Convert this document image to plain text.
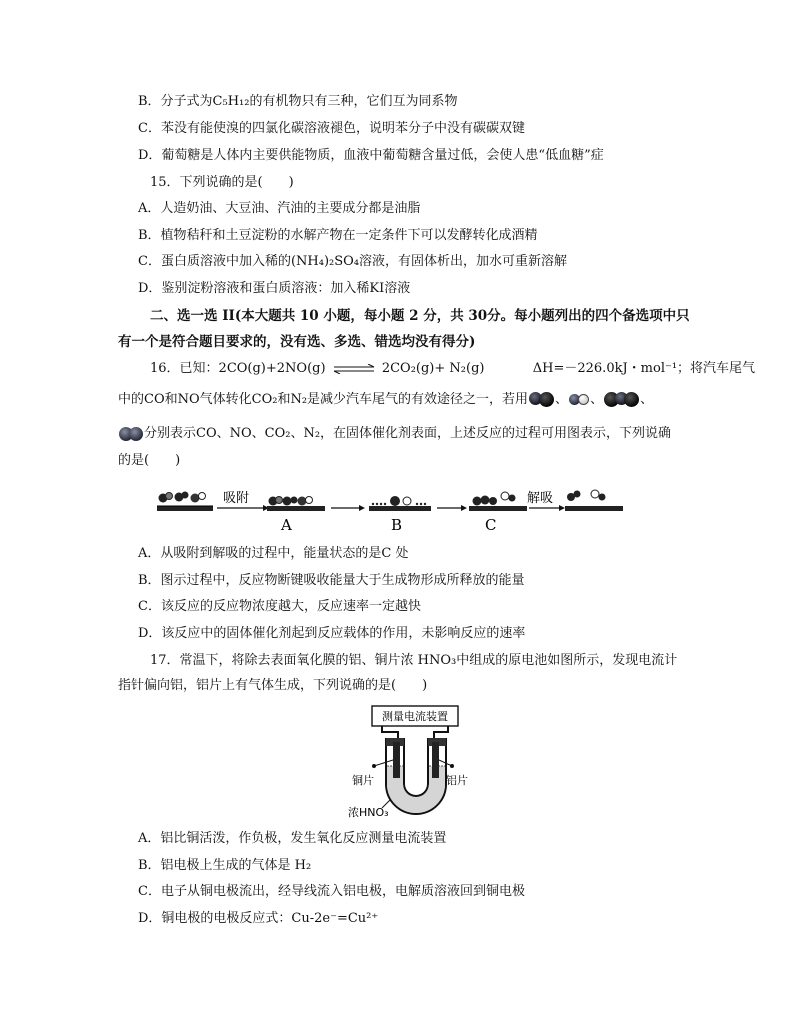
B．分子式为C₅H₁₂的有机物只有三种，它们互为同系物
C．苯没有能使溴的四氯化碳溶液褪色，说明苯分子中没有碳碳双键
D．葡萄糖是人体内主要供能物质，血液中葡萄糖含量过低，会使人患“低血糖”症
15．下列说确的是(　　)
A．人造奶油、大豆油、汽油的主要成分都是油脂
B．植物秸秆和土豆淀粉的水解产物在一定条件下可以发酵转化成酒精
C．蛋白质溶液中加入稀的(NH₄)₂SO₄溶液，有固体析出，加水可重新溶解
D．鉴别淀粉溶液和蛋白质溶液：加入稀KI溶液
二、选一选 II(本大题共 10 小题，每小题 2 分，共 30分。每小题列出的四个备选项中只
有一个是符合题目要求的，没有选、多选、错选均没有得分)
16．已知：2CO(g)+2NO(g) ⇌ 2CO₂(g)+ N₂(g)	ΔH=－226.0kJ・mol⁻¹；将汽车尾气
中的CO和NO气体转化CO₂和N₂是减少汽车尾气的有效途径之一，若用 、 、	、
分别表示CO、NO、CO₂、N₂，在固体催化剂表面，上述反应的过程可用图表示，下列说确
的是(　　)
吸附
A	B	C
解吸
A．从吸附到解吸的过程中，能量状态的是C 处
B．图示过程中，反应物断键吸收能量大于生成物形成所释放的能量
C．该反应的反应物浓度越大，反应速率一定越快
D．该反应中的固体催化剂起到反应载体的作用，未影响反应的速率
17．常温下，将除去表面氧化膜的铝、铜片浓 HNO₃中组成的原电池如图所示，发现电流计
指针偏向铝，铝片上有气体生成，下列说确的是(　　)
测量电流装置
铜片	铝片
浓HNO₃
A．铝比铜活泼，作负极，发生氧化反应测量电流装置
B．铝电极上生成的气体是 H₂
C．电子从铜电极流出，经导线流入铝电极，电解质溶液回到铜电极
D．铜电极的电极反应式：Cu-2e⁻=Cu²⁺
